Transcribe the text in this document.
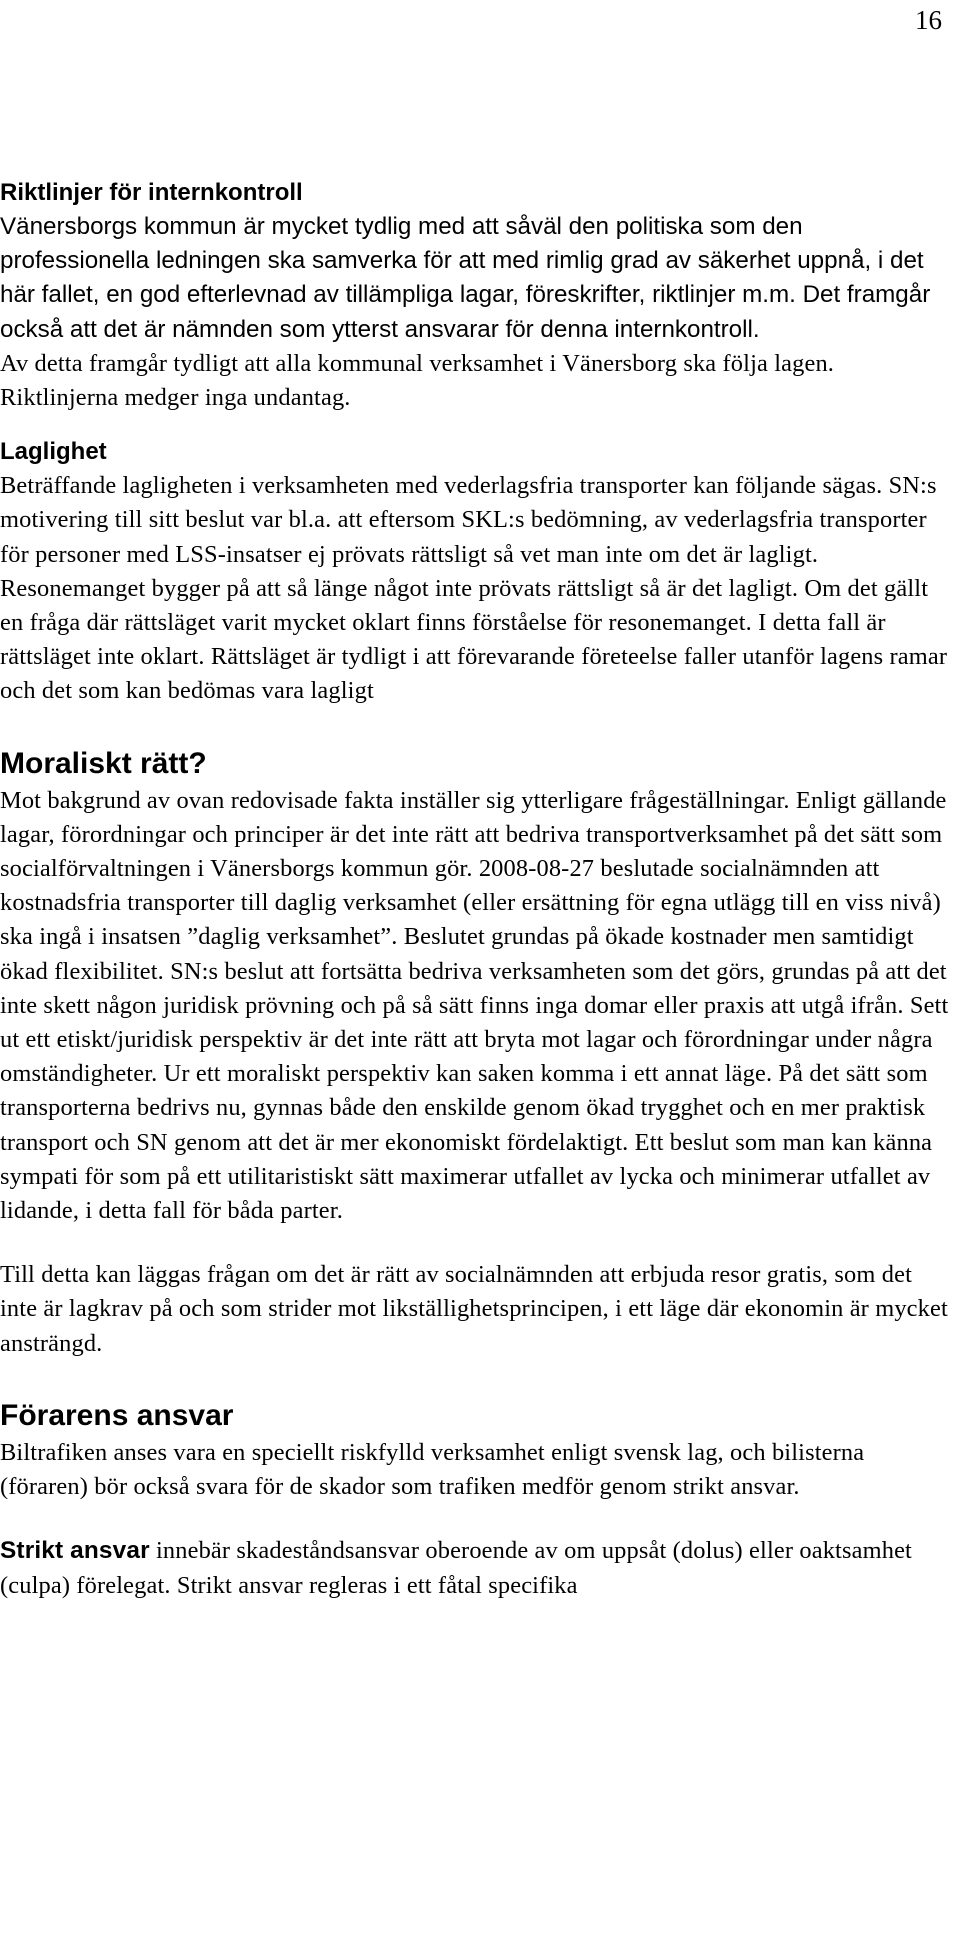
16
Riktlinjer för internkontroll

Vänersborgs kommun är mycket tydlig med att såväl den politiska som den professionella ledningen ska samverka för att med rimlig grad av säkerhet uppnå, i det här fallet, en god efterlevnad av tillämpliga lagar, föreskrifter, riktlinjer m.m. Det framgår också att det är nämnden som ytterst ansvarar för denna internkontroll.

Av detta framgår tydligt att alla kommunal verksamhet i Vänersborg ska följa lagen. Riktlinjerna medger inga undantag.

Laglighet

Beträffande lagligheten i verksamheten med vederlagsfria transporter kan följande sägas. SN:s motivering till sitt beslut var bl.a. att eftersom SKL:s bedömning, av vederlagsfria transporter för personer med LSS-insatser ej prövats rättsligt så vet man inte om det är lagligt.

Resonemanget bygger på att så länge något inte prövats rättsligt så är det lagligt. Om det gällt en fråga där rättsläget varit mycket oklart finns förståelse för resonemanget. I detta fall är rättsläget inte oklart. Rättsläget är tydligt i att förevarande företeelse faller utanför lagens ramar och det som kan bedömas vara lagligt

Moraliskt rätt?

Mot bakgrund av ovan redovisade fakta inställer sig ytterligare frågeställningar. Enligt gällande lagar, förordningar och principer är det inte rätt att bedriva transportverksamhet på det sätt som socialförvaltningen i Vänersborgs kommun gör. 2008-08-27 beslutade socialnämnden att kostnadsfria transporter till daglig verksamhet (eller ersättning för egna utlägg till en viss nivå) ska ingå i insatsen ”daglig verksamhet”. Beslutet grundas på ökade kostnader men samtidigt ökad flexibilitet. SN:s beslut att fortsätta bedriva verksamheten som det görs, grundas på att det inte skett någon juridisk prövning och på så sätt finns inga domar eller praxis att utgå ifrån. Sett ut ett etiskt/juridisk perspektiv är det inte rätt att bryta mot lagar och förordningar under några omständigheter. Ur ett moraliskt perspektiv kan saken komma i ett annat läge. På det sätt som transporterna bedrivs nu, gynnas både den enskilde genom ökad trygghet och en mer praktisk transport och SN genom att det är mer ekonomiskt fördelaktigt. Ett beslut som man kan känna sympati för som på ett utilitaristiskt sätt maximerar utfallet av lycka och minimerar utfallet av lidande, i detta fall för båda parter.

Till detta kan läggas frågan om det är rätt av socialnämnden att erbjuda resor gratis, som det inte är lagkrav på och som strider mot likställighetsprincipen, i ett läge där ekonomin är mycket ansträngd.

Förarens ansvar

Biltrafiken anses vara en speciellt riskfylld verksamhet enligt svensk lag, och bilisterna (föraren) bör också svara för de skador som trafiken medför genom strikt ansvar.

Strikt ansvar innebär skadeståndsansvar oberoende av om uppsåt (dolus) eller oaktsamhet (culpa) förelegat. Strikt ansvar regleras i ett fåtal specifika
